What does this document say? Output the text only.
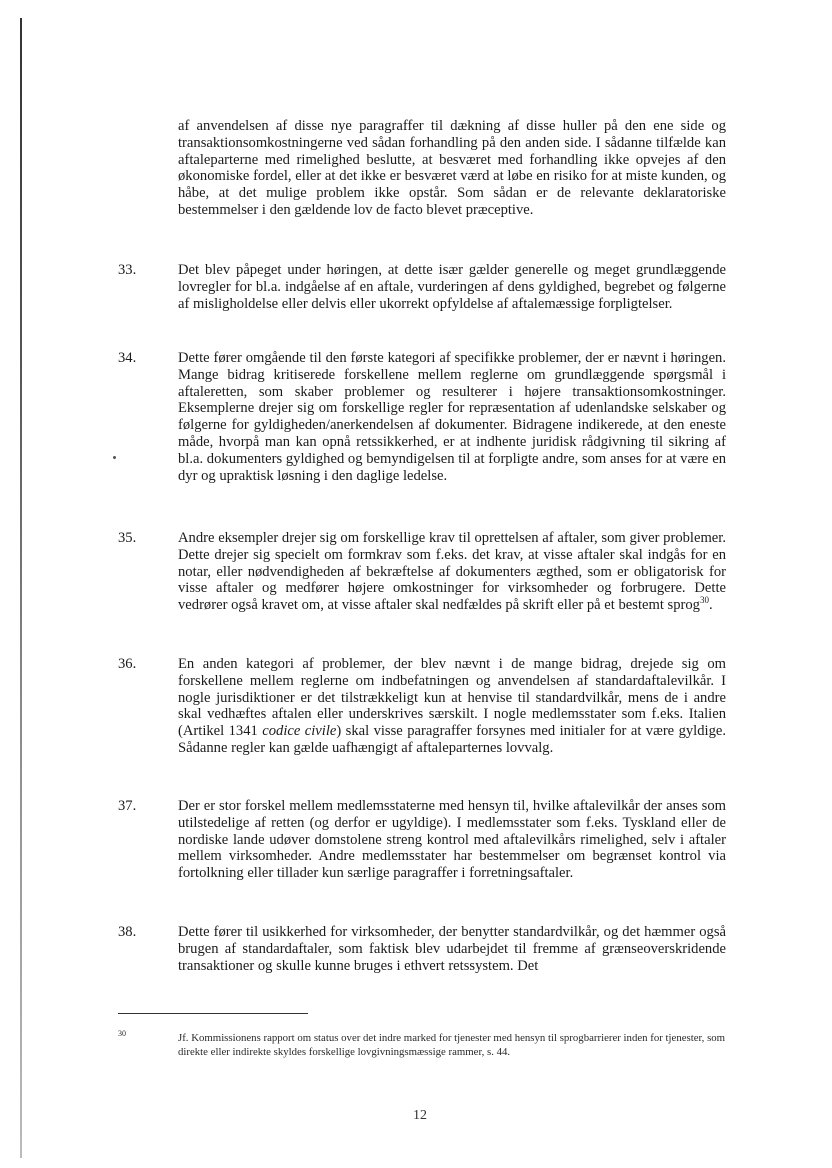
af anvendelsen af disse nye paragraffer til dækning af disse huller på den ene side og transaktionsomkostningerne ved sådan forhandling på den anden side. I sådanne tilfælde kan aftaleparterne med rimelighed beslutte, at besværet med forhandling ikke opvejes af den økonomiske fordel, eller at det ikke er besværet værd at løbe en risiko for at miste kunden, og håbe, at det mulige problem ikke opstår. Som sådan er de relevante deklaratoriske bestemmelser i den gældende lov de facto blevet præceptive.
33.	Det blev påpeget under høringen, at dette især gælder generelle og meget grundlæggende lovregler for bl.a. indgåelse af en aftale, vurderingen af dens gyldighed, begrebet og følgerne af misligholdelse eller delvis eller ukorrekt opfyldelse af aftalemæssige forpligtelser.
34.	Dette fører omgående til den første kategori af specifikke problemer, der er nævnt i høringen. Mange bidrag kritiserede forskellene mellem reglerne om grundlæggende spørgsmål i aftaleretten, som skaber problemer og resulterer i højere transaktionsomkostninger. Eksemplerne drejer sig om forskellige regler for repræsentation af udenlandske selskaber og følgerne for gyldigheden/anerkendelsen af dokumenter. Bidragene indikerede, at den eneste måde, hvorpå man kan opnå retssikkerhed, er at indhente juridisk rådgivning til sikring af bl.a. dokumenters gyldighed og bemyndigelsen til at forpligte andre, som anses for at være en dyr og upraktisk løsning i den daglige ledelse.
35.	Andre eksempler drejer sig om forskellige krav til oprettelsen af aftaler, som giver problemer. Dette drejer sig specielt om formkrav som f.eks. det krav, at visse aftaler skal indgås for en notar, eller nødvendigheden af bekræftelse af dokumenters ægthed, som er obligatorisk for visse aftaler og medfører højere omkostninger for virksomheder og forbrugere. Dette vedrører også kravet om, at visse aftaler skal nedfældes på skrift eller på et bestemt sprog$^{30}$.
36.	En anden kategori af problemer, der blev nævnt i de mange bidrag, drejede sig om forskellene mellem reglerne om indbefatningen og anvendelsen af standardaftalevilkår. I nogle jurisdiktioner er det tilstrækkeligt kun at henvise til standardvilkår, mens de i andre skal vedhæftes aftalen eller underskrives særskilt. I nogle medlemsstater som f.eks. Italien (Artikel 1341 codice civile) skal visse paragraffer forsynes med initialer for at være gyldige. Sådanne regler kan gælde uafhængigt af aftaleparternes lovvalg.
37.	Der er stor forskel mellem medlemsstaterne med hensyn til, hvilke aftalevilkår der anses som utilstedelige af retten (og derfor er ugyldige). I medlemsstater som f.eks. Tyskland eller de nordiske lande udøver domstolene streng kontrol med aftalevilkårs rimelighed, selv i aftaler mellem virksomheder. Andre medlemsstater har bestemmelser om begrænset kontrol via fortolkning eller tillader kun særlige paragraffer i forretningsaftaler.
38.	Dette fører til usikkerhed for virksomheder, der benytter standardvilkår, og det hæmmer også brugen af standardaftaler, som faktisk blev udarbejdet til fremme af grænseoverskridende transaktioner og skulle kunne bruges i ethvert retssystem. Det
30	Jf. Kommissionens rapport om status over det indre marked for tjenester med hensyn til sprogbarrierer inden for tjenester, som direkte eller indirekte skyldes forskellige lovgivningsmæssige rammer, s. 44.
12
